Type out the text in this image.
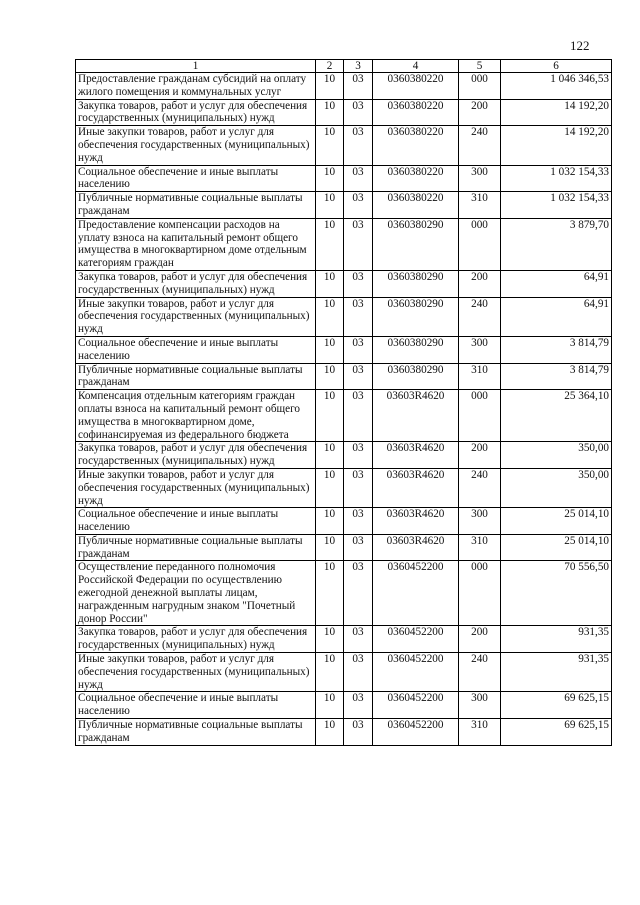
122
1	2	3	4	5	6
Предоставление гражданам субсидий на оплату жилого помещения и коммунальных услуг	10	03	0360380220	000	1 046 346,53
Закупка товаров, работ и услуг для обеспечения государственных (муниципальных) нужд	10	03	0360380220	200	14 192,20
Иные закупки товаров, работ и услуг для обеспечения государственных (муниципальных) нужд	10	03	0360380220	240	14 192,20
Социальное обеспечение и иные выплаты населению	10	03	0360380220	300	1 032 154,33
Публичные нормативные социальные выплаты гражданам	10	03	0360380220	310	1 032 154,33
Предоставление компенсации расходов на уплату взноса на капитальный ремонт общего имущества в многоквартирном доме отдельным категориям граждан	10	03	0360380290	000	3 879,70
Закупка товаров, работ и услуг для обеспечения государственных (муниципальных) нужд	10	03	0360380290	200	64,91
Иные закупки товаров, работ и услуг для обеспечения государственных (муниципальных) нужд	10	03	0360380290	240	64,91
Социальное обеспечение и иные выплаты населению	10	03	0360380290	300	3 814,79
Публичные нормативные социальные выплаты гражданам	10	03	0360380290	310	3 814,79
Компенсация отдельным категориям граждан оплаты взноса на капитальный ремонт общего имущества в многоквартирном доме, софинансируемая из федерального бюджета	10	03	03603R4620	000	25 364,10
Закупка товаров, работ и услуг для обеспечения государственных (муниципальных) нужд	10	03	03603R4620	200	350,00
Иные закупки товаров, работ и услуг для обеспечения государственных (муниципальных) нужд	10	03	03603R4620	240	350,00
Социальное обеспечение и иные выплаты населению	10	03	03603R4620	300	25 014,10
Публичные нормативные социальные выплаты гражданам	10	03	03603R4620	310	25 014,10
Осуществление переданного полномочия Российской Федерации по осуществлению ежегодной денежной выплаты лицам, награжденным нагрудным знаком "Почетный донор России"	10	03	0360452200	000	70 556,50
Закупка товаров, работ и услуг для обеспечения государственных (муниципальных) нужд	10	03	0360452200	200	931,35
Иные закупки товаров, работ и услуг для обеспечения государственных (муниципальных) нужд	10	03	0360452200	240	931,35
Социальное обеспечение и иные выплаты населению	10	03	0360452200	300	69 625,15
Публичные нормативные социальные выплаты гражданам	10	03	0360452200	310	69 625,15
